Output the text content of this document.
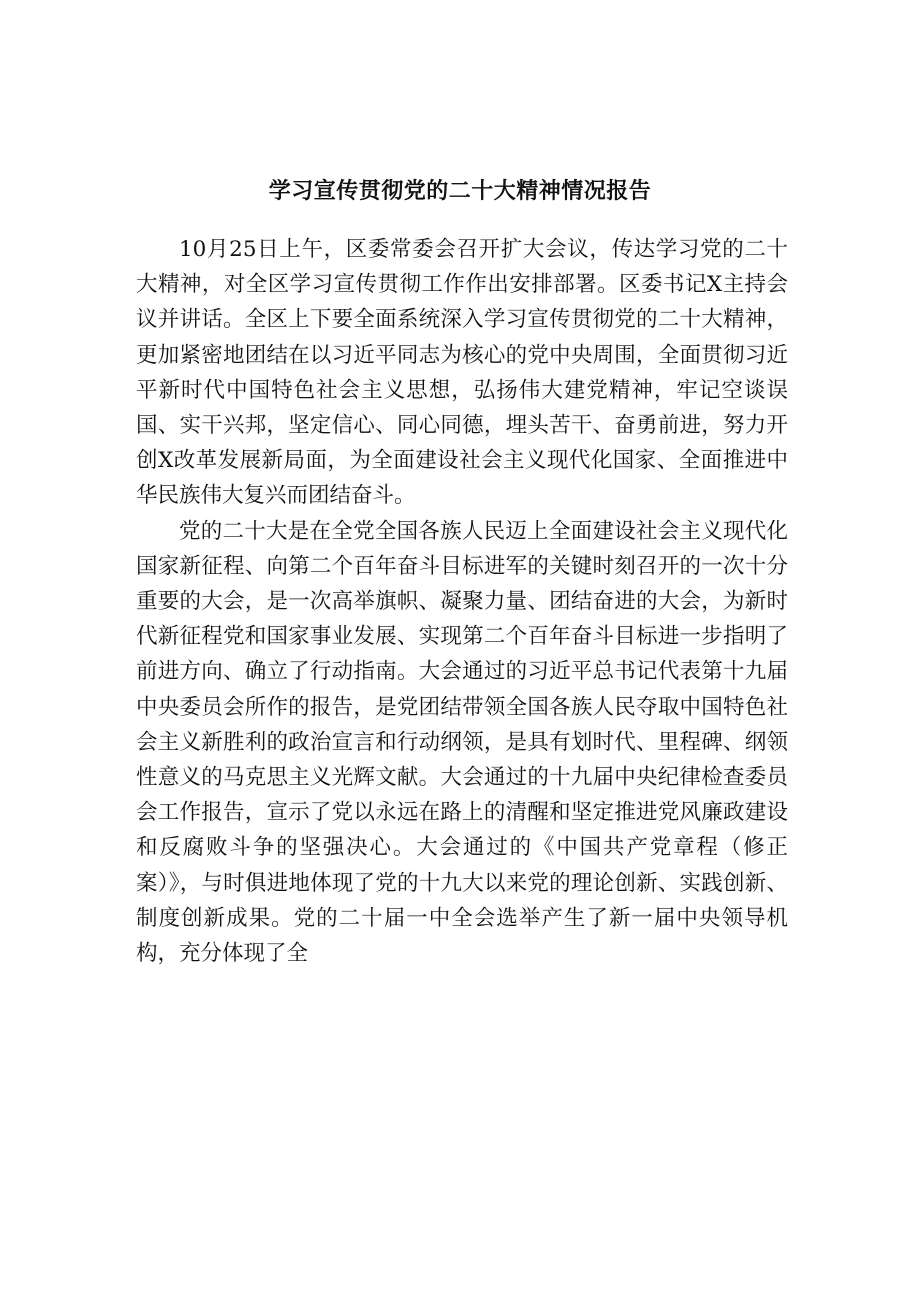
学习宣传贯彻党的二十大精神情况报告

10月25日上午，区委常委会召开扩大会议，传达学习党的二十大精神，对全区学习宣传贯彻工作作出安排部署。区委书记X主持会议并讲话。全区上下要全面系统深入学习宣传贯彻党的二十大精神，更加紧密地团结在以习近平同志为核心的党中央周围，全面贯彻习近平新时代中国特色社会主义思想，弘扬伟大建党精神，牢记空谈误国、实干兴邦，坚定信心、同心同德，埋头苦干、奋勇前进，努力开创X改革发展新局面，为全面建设社会主义现代化国家、全面推进中华民族伟大复兴而团结奋斗。

党的二十大是在全党全国各族人民迈上全面建设社会主义现代化国家新征程、向第二个百年奋斗目标进军的关键时刻召开的一次十分重要的大会，是一次高举旗帜、凝聚力量、团结奋进的大会，为新时代新征程党和国家事业发展、实现第二个百年奋斗目标进一步指明了前进方向、确立了行动指南。大会通过的习近平总书记代表第十九届中央委员会所作的报告，是党团结带领全国各族人民夺取中国特色社会主义新胜利的政治宣言和行动纲领，是具有划时代、里程碑、纲领性意义的马克思主义光辉文献。大会通过的十九届中央纪律检查委员会工作报告，宣示了党以永远在路上的清醒和坚定推进党风廉政建设和反腐败斗争的坚强决心。大会通过的《中国共产党章程（修正案）》，与时俱进地体现了党的十九大以来党的理论创新、实践创新、制度创新成果。党的二十届一中全会选举产生了新一届中央领导机构，充分体现了全
